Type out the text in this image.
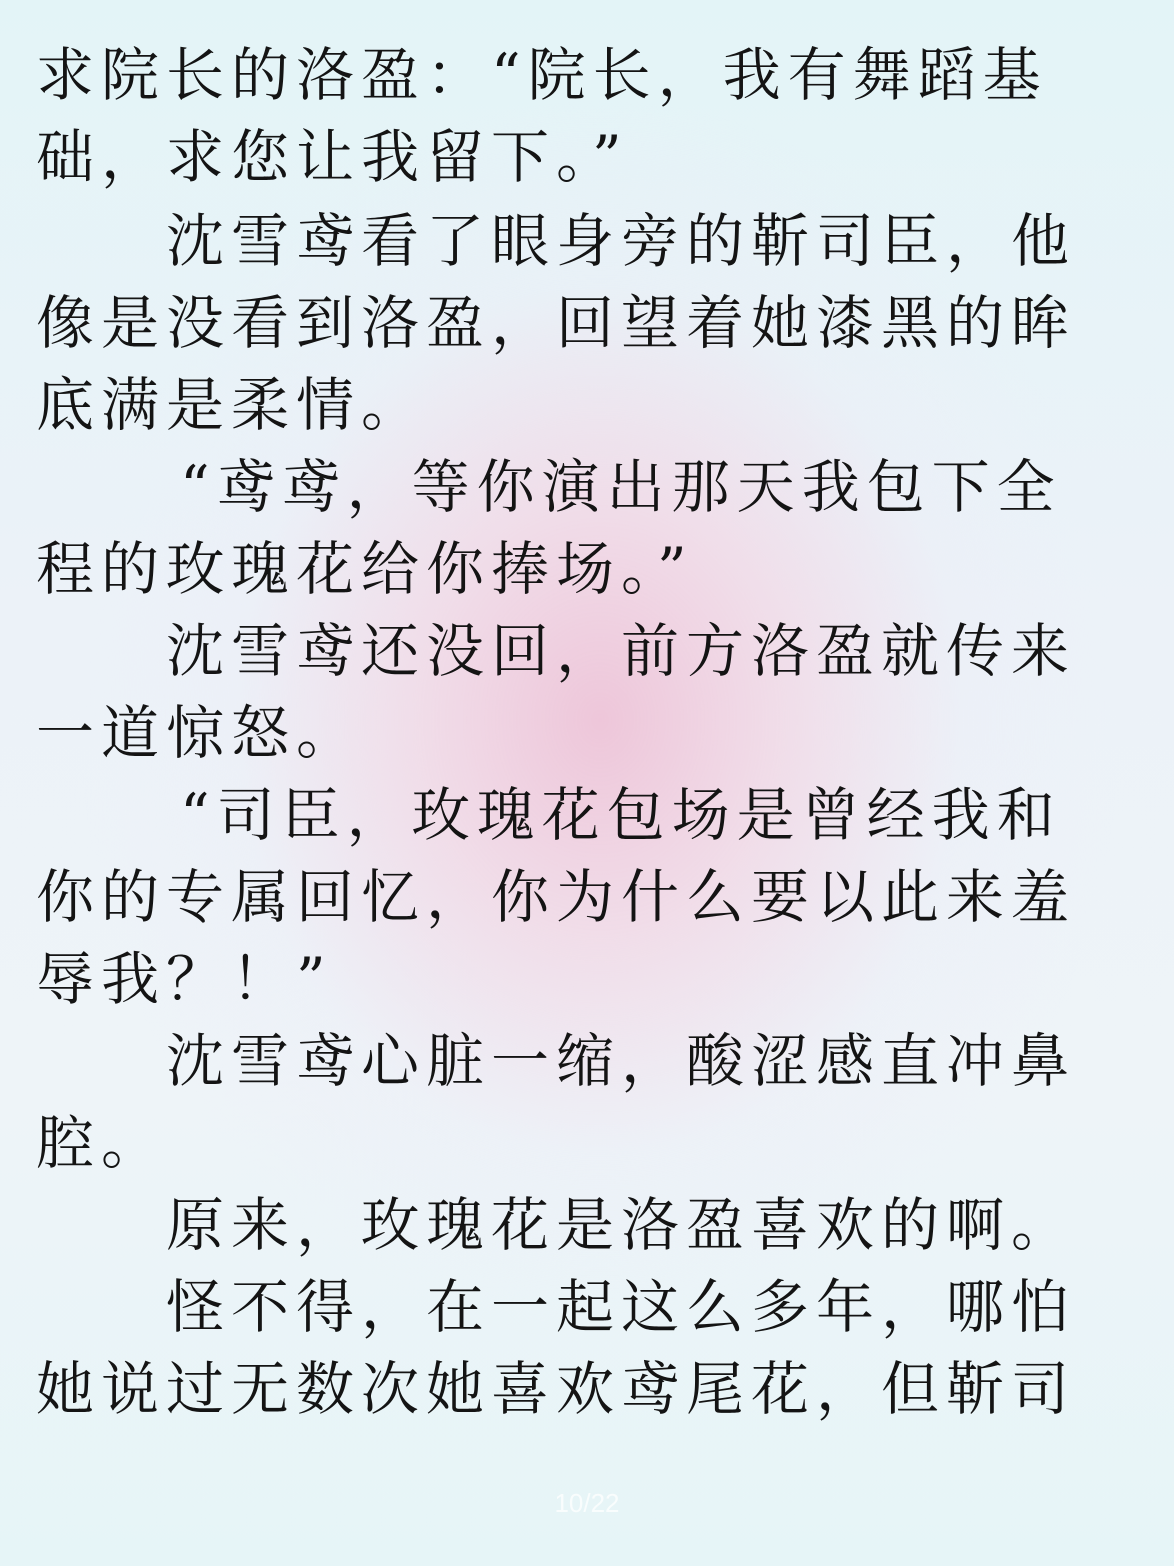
求院长的洛盈：“院长，我有舞蹈基
础，求您让我留下。”
沈雪鸢看了眼身旁的靳司臣，他
像是没看到洛盈，回望着她漆黑的眸
底满是柔情。
“鸢鸢，等你演出那天我包下全
程的玫瑰花给你捧场。”
沈雪鸢还没回，前方洛盈就传来
一道惊怒。
“司臣，玫瑰花包场是曾经我和
你的专属回忆，你为什么要以此来羞
辱我？！”
沈雪鸢心脏一缩，酸涩感直冲鼻
腔。
原来，玫瑰花是洛盈喜欢的啊。
怪不得，在一起这么多年，哪怕
她说过无数次她喜欢鸢尾花，但靳司
10/22
